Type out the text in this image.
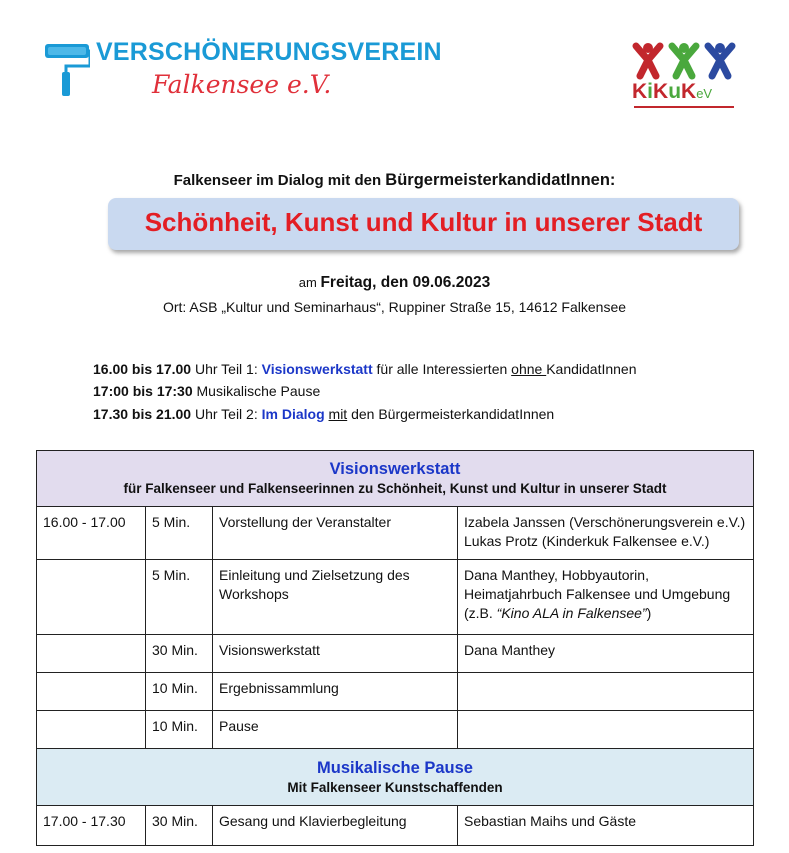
VERSCHÖNERUNGSVEREIN
Falkensee e.V.	KiKuKeV
Falkenseer im Dialog mit den BürgermeisterkandidatInnen:
Schönheit, Kunst und Kultur in unserer Stadt
am Freitag, den 09.06.2023
Ort: ASB „Kultur und Seminarhaus“, Ruppiner Straße 15, 14612 Falkensee
16.00 bis 17.00 Uhr Teil 1: Visionswerkstatt für alle Interessierten ohne KandidatInnen
17:00 bis 17:30 Musikalische Pause
17.30 bis 21.00 Uhr Teil 2: Im Dialog mit den BürgermeisterkandidatInnen
Visionswerkstatt
für Falkenseer und Falkenseerinnen zu Schönheit, Kunst und Kultur in unserer Stadt			

16.00 - 17.00	5 Min.	Vorstellung der Veranstalter	Izabela Janssen (Verschönerungsverein e.V.)
Lukas Protz (Kinderkuk Falkensee e.V.)

	5 Min.	Einleitung und Zielsetzung des Workshops	Dana Manthey, Hobbyautorin, Heimatjahrbuch Falkensee und Umgebung
(z.B. “Kino ALA in Falkensee”)

	30 Min.	Visionswerkstatt	Dana Manthey
	10 Min.	Ergebnissammlung	
	10 Min.	Pause	

Musikalische Pause
Mit Falkenseer Kunstschaffenden			

17.00 - 17.30	30 Min.	Gesang und Klavierbegleitung	Sebastian Maihs und Gäste
